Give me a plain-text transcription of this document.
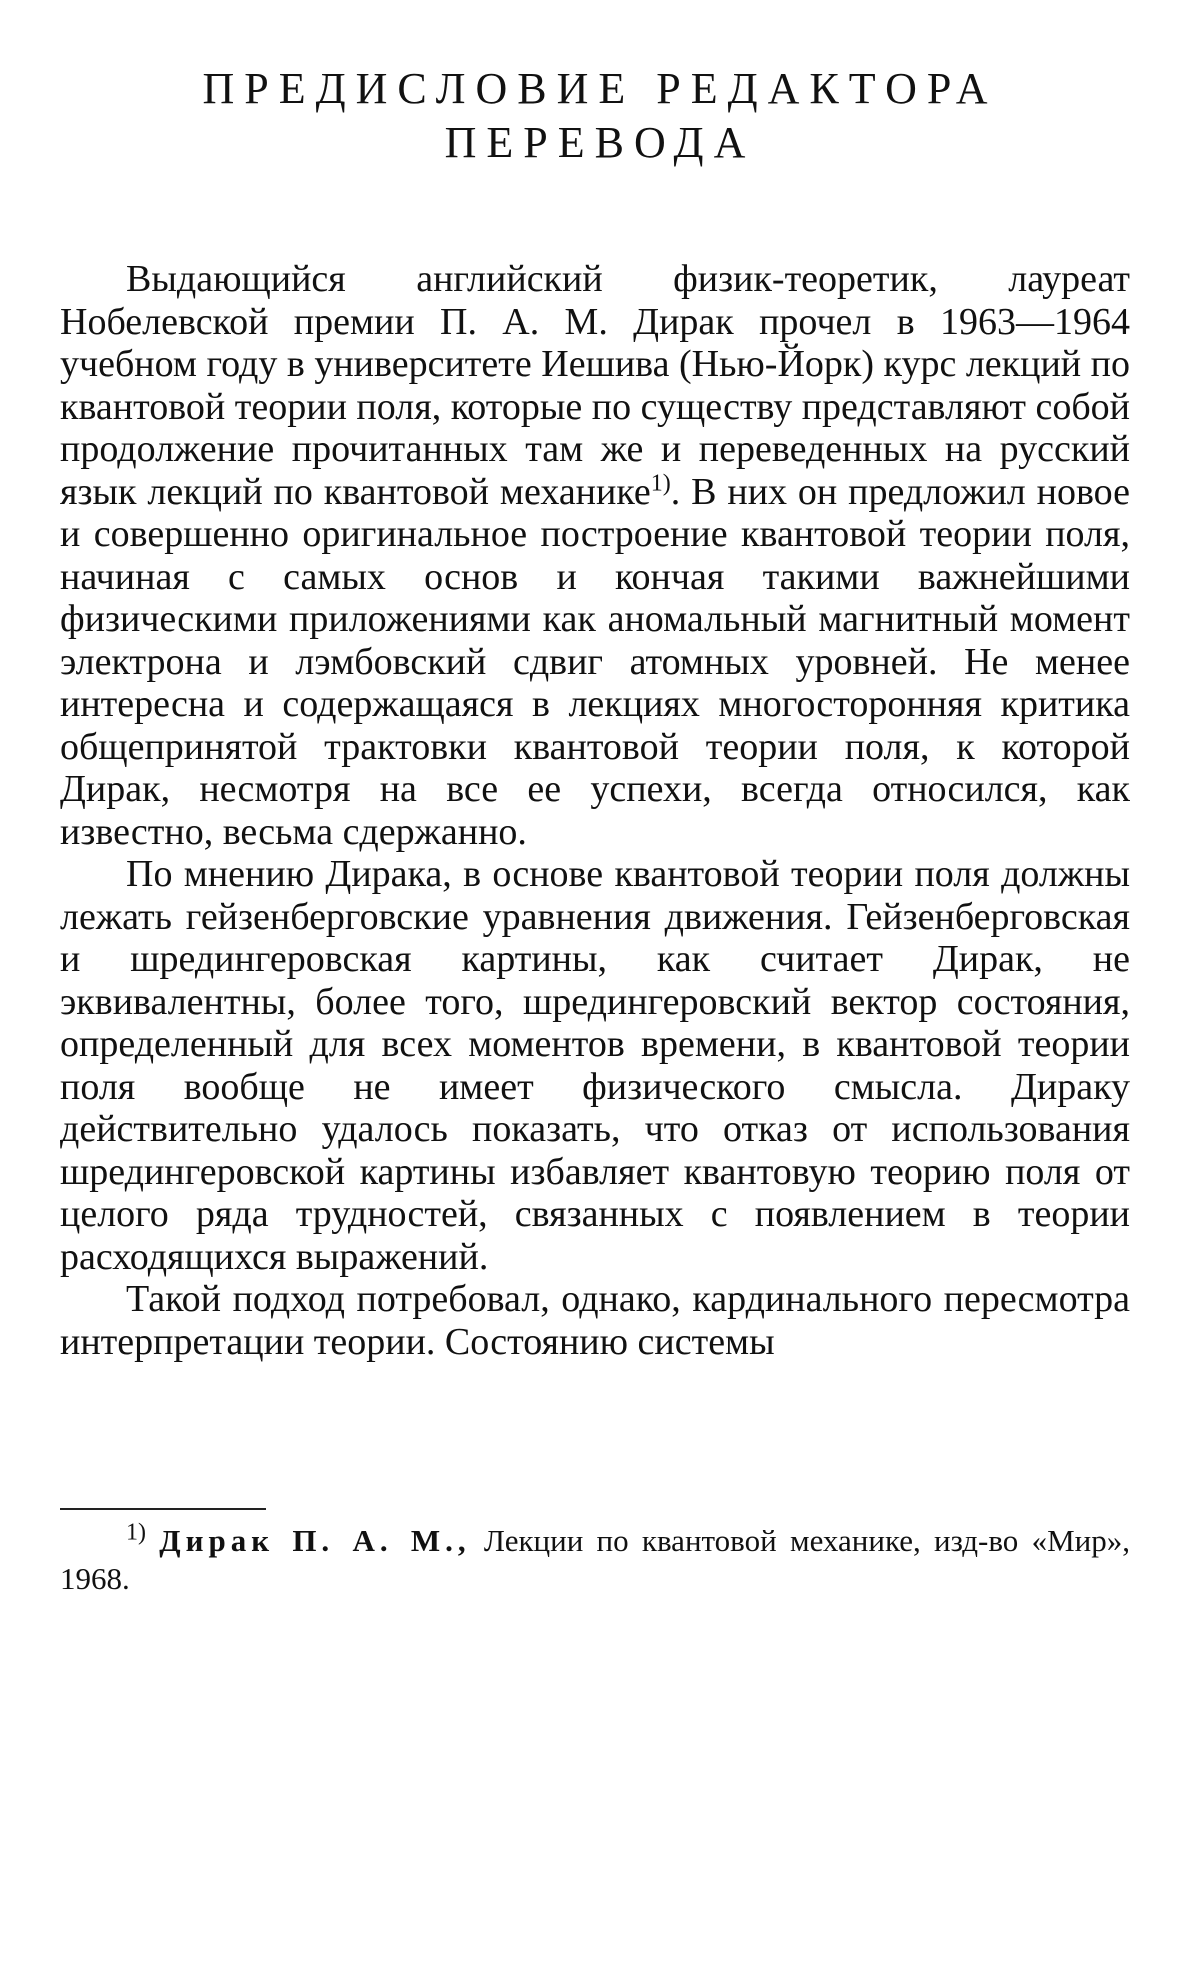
ПРЕДИСЛОВИЕ РЕДАКТОРА
ПЕРЕВОДА

Выдающийся английский физик-теоретик, лауреат Нобелевской премии П. А. М. Дирак прочел в 1963—1964 учебном году в университете Иешива (Нью-Йорк) курс лекций по квантовой теории поля, которые по существу представляют собой продолжение прочитанных там же и переведенных на русский язык лекций по квантовой механике$^{1)}$. В них он предложил новое и совершенно оригинальное построение квантовой теории поля, начиная с самых основ и кончая такими важнейшими физическими приложениями как аномальный магнитный момент электрона и лэмбовский сдвиг атомных уровней. Не менее интересна и содержащаяся в лекциях многосторонняя критика общепринятой трактовки квантовой теории поля, к которой Дирак, несмотря на все ее успехи, всегда относился, как известно, весьма сдержанно.

По мнению Дирака, в основе квантовой теории поля должны лежать гейзенберговские уравнения движения. Гейзенберговская и шредингеровская картины, как считает Дирак, не эквивалентны, более того, шредингеровский вектор состояния, определенный для всех моментов времени, в квантовой теории поля вообще не имеет физического смысла. Дираку действительно удалось показать, что отказ от использования шредингеровской картины избавляет квантовую теорию поля от целого ряда трудностей, связанных с появлением в теории расходящихся выражений.

Такой подход потребовал, однако, кардинального пересмотра интерпретации теории. Состоянию системы

$^{1)}$ Дирак П. А. М., Лекции по квантовой механике, изд-во «Мир», 1968.
